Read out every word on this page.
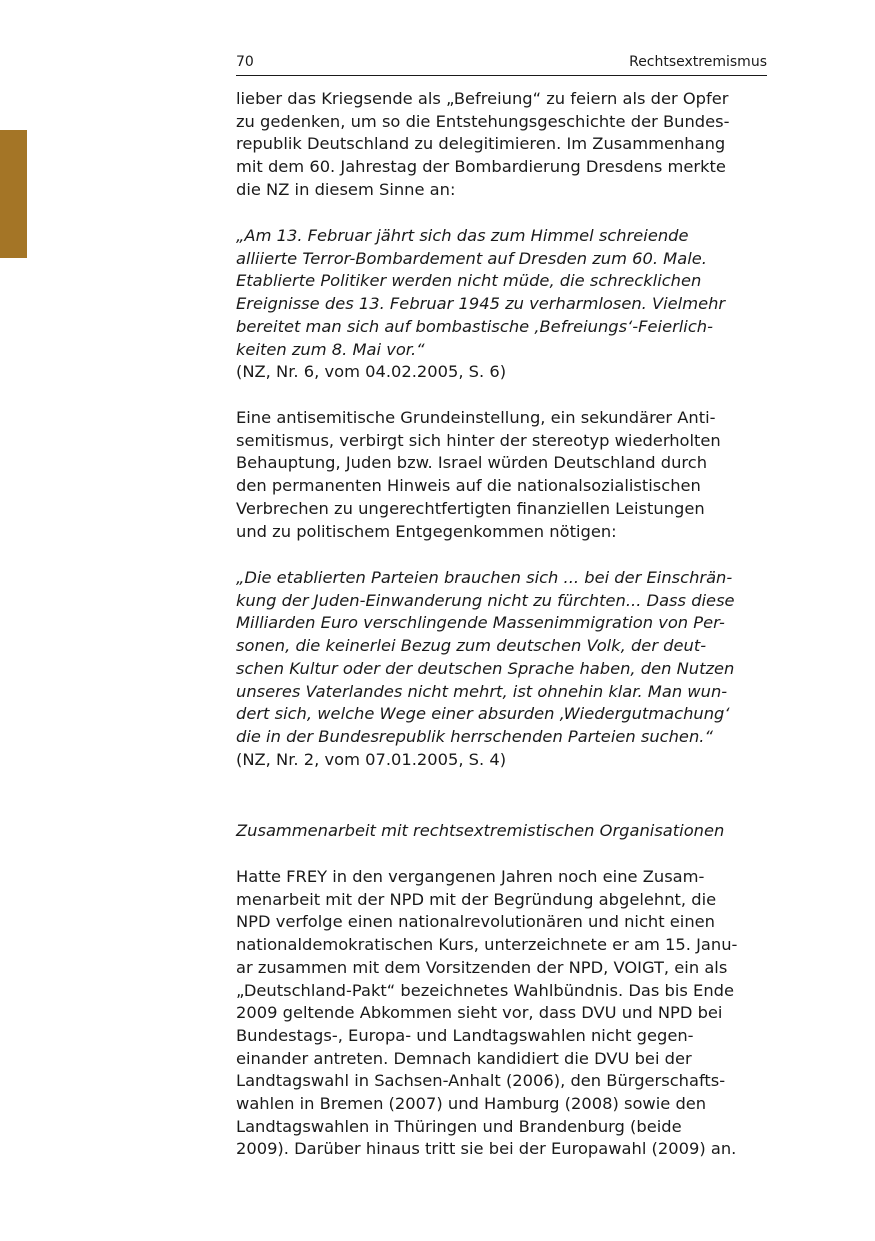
70	Rechtsextremismus
lieber das Kriegsende als „Befreiung“ zu feiern als der Opfer
zu gedenken, um so die Entstehungsgeschichte der Bundes-
republik Deutschland zu delegitimieren. Im Zusammenhang
mit dem 60. Jahrestag der Bombardierung Dresdens merkte
die NZ in diesem Sinne an:
„Am 13. Februar jährt sich das zum Himmel schreiende
alliierte Terror-Bombardement auf Dresden zum 60. Male.
Etablierte Politiker werden nicht müde, die schrecklichen
Ereignisse des 13. Februar 1945 zu verharmlosen. Vielmehr
bereitet man sich auf bombastische ‚Befreiungs‘-Feierlich-
keiten zum 8. Mai vor.“
(NZ, Nr. 6, vom 04.02.2005, S. 6)
Eine antisemitische Grundeinstellung, ein sekundärer Anti-
semitismus, verbirgt sich hinter der stereotyp wiederholten
Behauptung, Juden bzw. Israel würden Deutschland durch
den permanenten Hinweis auf die nationalsozialistischen
Verbrechen zu ungerechtfertigten finanziellen Leistungen
und zu politischem Entgegenkommen nötigen:
„Die etablierten Parteien brauchen sich ... bei der Einschrän-
kung der Juden-Einwanderung nicht zu fürchten... Dass diese
Milliarden Euro verschlingende Massenimmigration von Per-
sonen, die keinerlei Bezug zum deutschen Volk, der deut-
schen Kultur oder der deutschen Sprache haben, den Nutzen
unseres Vaterlandes nicht mehrt, ist ohnehin klar. Man wun-
dert sich, welche Wege einer absurden ‚Wiedergutmachung‘
die in der Bundesrepublik herrschenden Parteien suchen.“
(NZ, Nr. 2, vom 07.01.2005, S. 4)
Zusammenarbeit mit rechtsextremistischen Organisationen
Hatte FREY in den vergangenen Jahren noch eine Zusam-
menarbeit mit der NPD mit der Begründung abgelehnt, die
NPD verfolge einen nationalrevolutionären und nicht einen
nationaldemokratischen Kurs, unterzeichnete er am 15. Janu-
ar zusammen mit dem Vorsitzenden der NPD, VOIGT, ein als
„Deutschland-Pakt“ bezeichnetes Wahlbündnis. Das bis Ende
2009 geltende Abkommen sieht vor, dass DVU und NPD bei
Bundestags-, Europa- und Landtagswahlen nicht gegen-
einander antreten. Demnach kandidiert die DVU bei der
Landtagswahl in Sachsen-Anhalt (2006), den Bürgerschafts-
wahlen in Bremen (2007) und Hamburg (2008) sowie den
Landtagswahlen in Thüringen und Brandenburg (beide
2009). Darüber hinaus tritt sie bei der Europawahl (2009) an.
